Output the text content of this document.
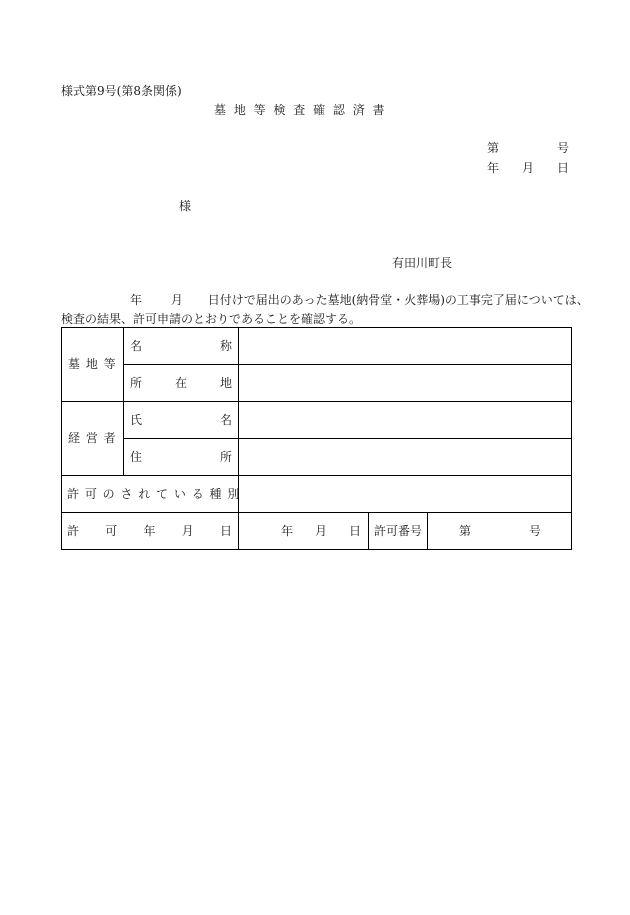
様式第9号(第8条関係)
墓 地 等 検 査 確 認 済 書
第	号
年 月 日
様
有田川町長
年 月 日付けで届出のあった墓地(納骨堂・火葬場)の工事完了届については、
検査の結果、許可申請のとおりであることを確認する。
墓 地 等
名	称
所	在	地
経 営 者
氏	名
住	所
許 可 の さ れ て い る 種 別
許 可 年 月 日	年 月 日 許可番号	第	号
